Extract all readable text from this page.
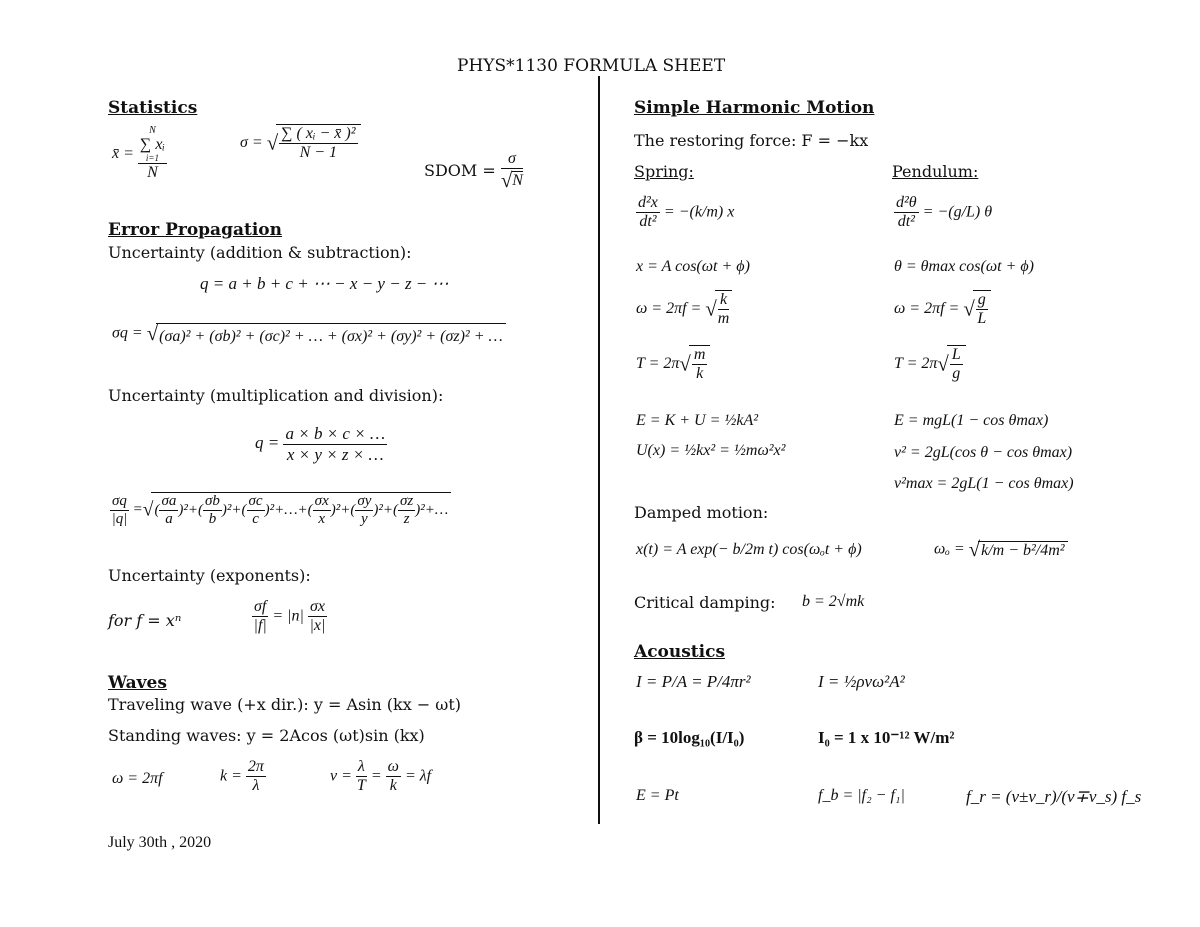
PHYS*1130 FORMULA SHEET
Statistics
x̄ = N
∑ xᵢ
i=1
N	σ = √ $\frac{\text{∑ ( xᵢ − x̄ )²}}{N - 1}$
SDOM = $\frac{\sigma}{√N}$
Error Propagation
Uncertainty (addition & subtraction):
q = a + b + c + ⋯ − x − y − z − ⋯
σq = √(σa)² + (σb)² + (σc)² + … + (σx)² + (σy)² + (σz)² + …
Uncertainty (multiplication and division):
$q = \frac{a \times b \times c \times \dots}{x \times y \times z \times \dots}$
$\frac{\sigma q}{|q|}$ =√( $\frac{\sigma a}{a} )^2+( \frac{\sigma b}{b} )^2+( \frac{\sigma c}{c}$ )²+…+( $\frac{\sigma x}{x} )^2+( \frac{\sigma y}{y} )^2+( \frac{\sigma z}{z}$ )²+…
Uncertainty (exponents):
for f = xⁿ	$\frac{\sigma f}{|f|} = |n| \frac{\sigma x}{|x|}$
Waves
Traveling wave (+x dir.): y = Asin (kx − ωt)
Standing waves: y = 2Acos (ωt)sin (kx)
ω = 2πf	$k = \frac{2\pi}{\lambda}$	$v = \frac{\lambda}{T} = \frac{\omega}{k} = \lambda f$
July 30th , 2020
Simple Harmonic Motion
The restoring force: F = −kx
Spring:	Pendulum:
$\frac{\text{d²x}}{\text{dt²}} = -(k/m)$ x	$\frac{\text{d²θ}}{\text{dt²}} = -(g/L)$ θ
x = A cos(ωt + ϕ)	θ = θmax cos(ωt + ϕ)
ω = 2πf = √ $\frac{k}{m}$	ω = 2πf = √ $\frac{g}{L}$
$T = 2\pi√ \frac{m}{k}$	$T = 2\pi√ \frac{L}{g}$
E = K + U = ½kA²
U(x) = ½kx² = ½mω²x²
E = mgL(1 − cos θmax)
v² = 2gL(cos θ − cos θmax)
v²max = 2gL(1 − cos θmax)
Damped motion:
x(t) = A exp(− b/2m t) cos(ωₒt + ϕ)	ωₒ = √k/m − b²/4m²
Critical damping: b = 2√mk
Acoustics
I = P/A = P/4πr²	I = ½ρvω²A²
β = 10log₁₀(I/I₀)	I₀ = 1 x 10⁻¹² W/m²
E = Pt	f_b = |f₂ − f₁|	f_r = (v±v_r)/(v∓v_s) f_s
